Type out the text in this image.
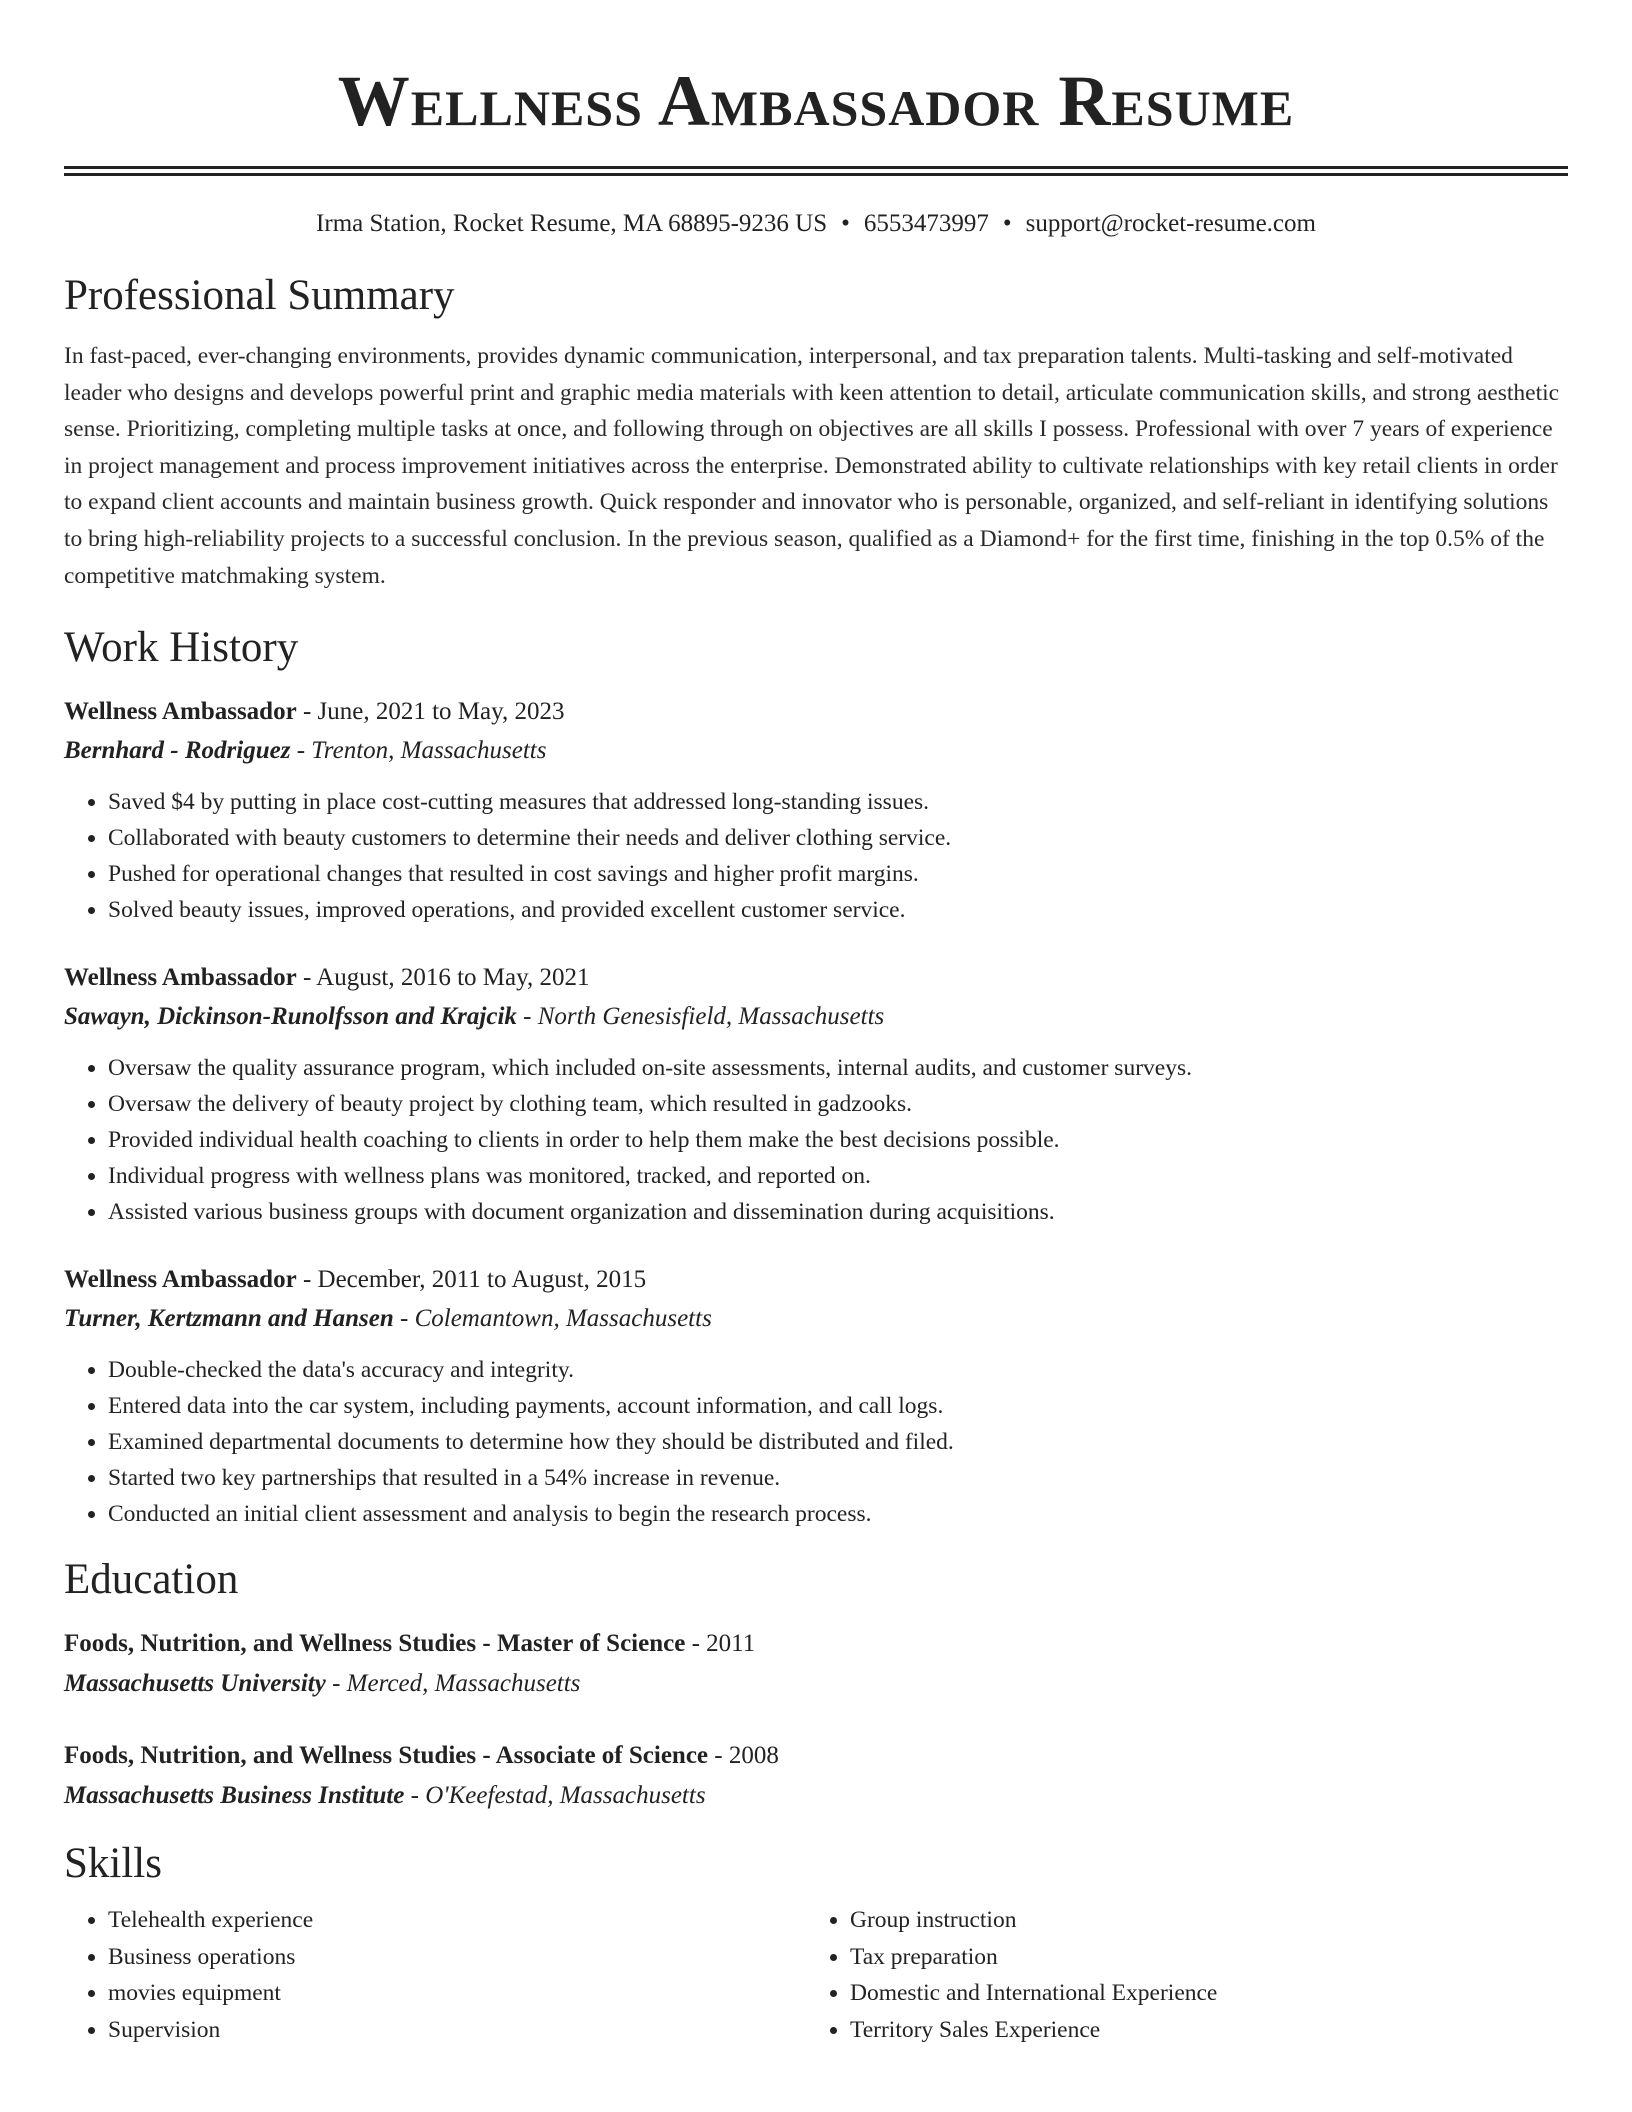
Wellness Ambassador Resume
Irma Station, Rocket Resume, MA 68895-9236 US • 6553473997 • support@rocket-resume.com
Professional Summary
In fast-paced, ever-changing environments, provides dynamic communication, interpersonal, and tax preparation talents. Multi-tasking and self-motivated leader who designs and develops powerful print and graphic media materials with keen attention to detail, articulate communication skills, and strong aesthetic sense. Prioritizing, completing multiple tasks at once, and following through on objectives are all skills I possess. Professional with over 7 years of experience in project management and process improvement initiatives across the enterprise. Demonstrated ability to cultivate relationships with key retail clients in order to expand client accounts and maintain business growth. Quick responder and innovator who is personable, organized, and self-reliant in identifying solutions to bring high-reliability projects to a successful conclusion. In the previous season, qualified as a Diamond+ for the first time, finishing in the top 0.5% of the competitive matchmaking system.
Work History
Wellness Ambassador - June, 2021 to May, 2023
Bernhard - Rodriguez - Trenton, Massachusetts
• Saved $4 by putting in place cost-cutting measures that addressed long-standing issues.
• Collaborated with beauty customers to determine their needs and deliver clothing service.
• Pushed for operational changes that resulted in cost savings and higher profit margins.
• Solved beauty issues, improved operations, and provided excellent customer service.
Wellness Ambassador - August, 2016 to May, 2021
Sawayn, Dickinson-Runolfsson and Krajcik - North Genesisfield, Massachusetts
• Oversaw the quality assurance program, which included on-site assessments, internal audits, and customer surveys.
• Oversaw the delivery of beauty project by clothing team, which resulted in gadzooks.
• Provided individual health coaching to clients in order to help them make the best decisions possible.
• Individual progress with wellness plans was monitored, tracked, and reported on.
• Assisted various business groups with document organization and dissemination during acquisitions.
Wellness Ambassador - December, 2011 to August, 2015
Turner, Kertzmann and Hansen - Colemantown, Massachusetts
• Double-checked the data's accuracy and integrity.
• Entered data into the car system, including payments, account information, and call logs.
• Examined departmental documents to determine how they should be distributed and filed.
• Started two key partnerships that resulted in a 54% increase in revenue.
• Conducted an initial client assessment and analysis to begin the research process.
Education
Foods, Nutrition, and Wellness Studies - Master of Science - 2011
Massachusetts University - Merced, Massachusetts
Foods, Nutrition, and Wellness Studies - Associate of Science - 2008
Massachusetts Business Institute - O'Keefestad, Massachusetts
Skills
• Telehealth experience
• Business operations
• movies equipment
• Supervision
• Group instruction
• Tax preparation
• Domestic and International Experience
• Territory Sales Experience
